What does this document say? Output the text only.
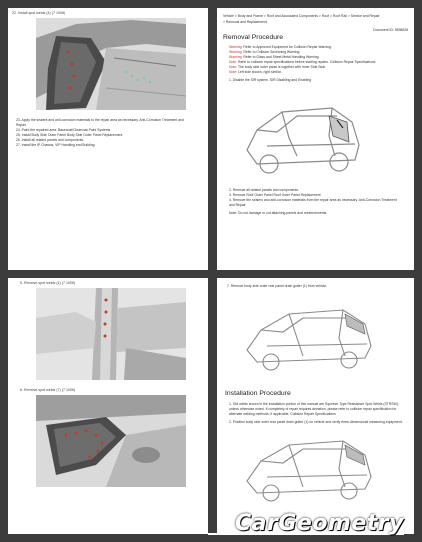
22. Install spot welds (4) (7 1006)
23. Apply the sealers and anti-corrosion materials to the repair area as necessary. Anti-Corrosion Treatment and
Repair
24. Paint the repaired area. Basecoat/Clearcoat Paint Systems
25. Install Body Side Outer Panel Body Side Outer Panel Replacement
26. Install all related panels and components.
27. Install the IP Chassis, VIP Handling and Building.
Vehicle > Body and Frame > Roof and Associated Components > Roof > Roof Rail > Service and Repair
> Removal and Replacement
Document ID: 5898628
Removal Procedure
Warning: Refer to Approved Equipment for Collision Repair Warning.
Warning: Refer to Collision Sectioning Warning.
Warning: Refer to Glass and Sheet Metal Handling Warning.
Note: Refer to collision repair specifications before starting repairs. Collision Repair Specifications
Note: The body side outer panel is together with Inner Side Stub.
Note: Left side shown, right similar.
1. Disable the SIR system. SIR Disabling and Enabling
2. Remove all related panels and components.
3. Remove Roof Outer Panel Roof Outer Panel Replacement
4. Remove the sealers and anti-corrosion materials from the repair area as necessary. Anti-Corrosion Treatment
and Repair
Note: Do not damage or cut attaching panels and reinforcements.
5. Remove spot welds (4) (7 1006)
6. Remove spot welds (7) (7 1006)
7. Remove body side outer rear panel drain gutter (1) from vehicle.
Installation Procedure
1. GM welds shown in the installation portion of this manual are Squeeze Type Resistance Spot Welds (STRSW),
unless otherwise noted. If completely of repair requires deviation, please refer to collision repair specification for
alternate welding methods, if applicable. Collision Repair Specifications
2. Position body side outer rear panel drain gutter (1) on vehicle and verify three-dimensional measuring equipment.
CarGeometry
